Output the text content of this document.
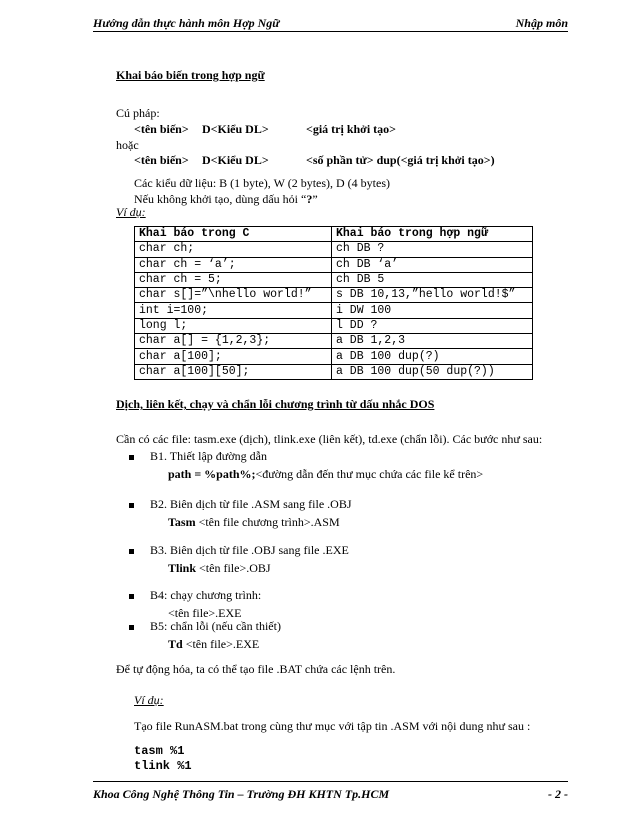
Hướng dẫn thực hành môn Hợp Ngữ	Nhập môn
Khai báo biến trong hợp ngữ
Cú pháp:
<tên biến> D<Kiểu DL>	<giá trị khởi tạo>
hoặc
<tên biến> D<Kiểu DL>	<số phần tử> dup(<giá trị khởi tạo>)
Các kiểu dữ liệu: B (1 byte), W (2 bytes), D (4 bytes)
Nếu không khởi tạo, dùng dấu hỏi “?”
Ví dụ:
Khai báo trong C	Khai báo trong hợp ngữ
char ch;	ch DB ?
char ch = ‘a’;	ch DB ‘a’
char ch = 5;	ch DB 5
char s[]=”\nhello world!”	s DB 10,13,”hello world!$”
int i=100;	i DW 100
long l;	l DD ?
char a[] = {1,2,3};	a DB 1,2,3
char a[100];	a DB 100 dup(?)
char a[100][50];	a DB 100 dup(50 dup(?))
Dịch, liên kết, chạy và chẩn lỗi chương trình từ dấu nhắc DOS
Cần có các file: tasm.exe (dịch), tlink.exe (liên kết), td.exe (chẩn lỗi). Các bước như sau:
B1. Thiết lập đường dẫn
path = %path%;<đường dẫn đến thư mục chứa các file kể trên>
B2. Biên dịch từ file .ASM sang file .OBJ
Tasm <tên file chương trình>.ASM
B3. Biên dịch từ file .OBJ sang file .EXE
Tlink <tên file>.OBJ
B4: chạy chương trình:
<tên file>.EXE
B5: chẩn lỗi (nếu cần thiết)
Td <tên file>.EXE
Để tự động hóa, ta có thể tạo file .BAT chứa các lệnh trên.
Ví dụ:
Tạo file RunASM.bat trong cùng thư mục với tập tin .ASM với nội dung như sau :
tasm %1
tlink %1
Khoa Công Nghệ Thông Tin – Trường ĐH KHTN Tp.HCM	- 2 -
